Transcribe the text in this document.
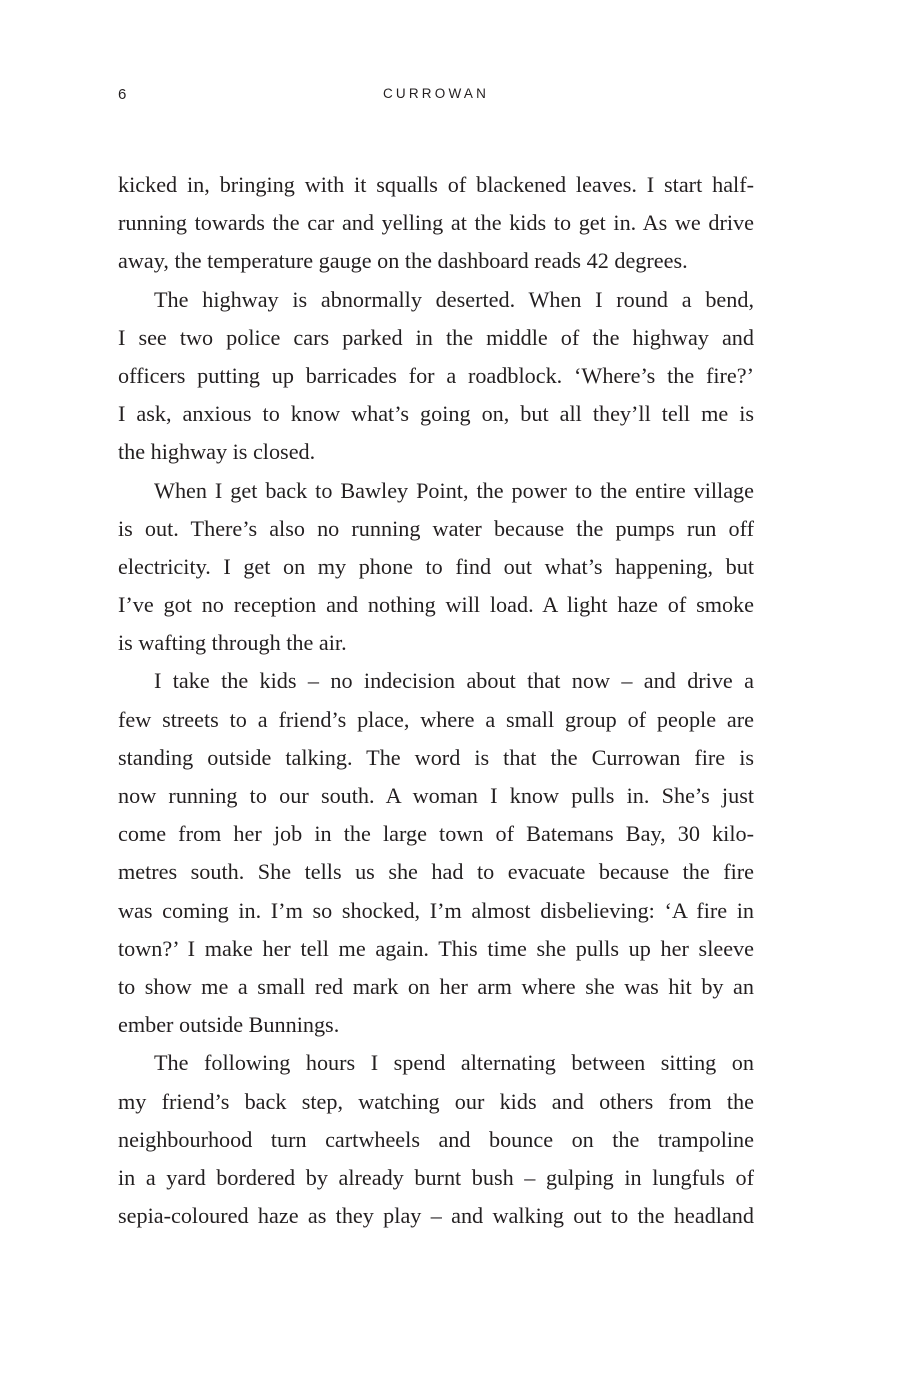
6	CURROWAN
kicked in, bringing with it squalls of blackened leaves. I start half-
running towards the car and yelling at the kids to get in. As we drive
away, the temperature gauge on the dashboard reads 42 degrees.
The highway is abnormally deserted. When I round a bend,
I see two police cars parked in the middle of the highway and
officers putting up barricades for a roadblock. ‘Where’s the fire?’
I ask, anxious to know what’s going on, but all they’ll tell me is
the highway is closed.
When I get back to Bawley Point, the power to the entire village
is out. There’s also no running water because the pumps run off
electricity. I get on my phone to find out what’s happening, but
I’ve got no reception and nothing will load. A light haze of smoke
is wafting through the air.
I take the kids – no indecision about that now – and drive a
few streets to a friend’s place, where a small group of people are
standing outside talking. The word is that the Currowan fire is
now running to our south. A woman I know pulls in. She’s just
come from her job in the large town of Batemans Bay, 30 kilo-
metres south. She tells us she had to evacuate because the fire
was coming in. I’m so shocked, I’m almost disbelieving: ‘A fire in
town?’ I make her tell me again. This time she pulls up her sleeve
to show me a small red mark on her arm where she was hit by an
ember outside Bunnings.
The following hours I spend alternating between sitting on
my friend’s back step, watching our kids and others from the
neighbourhood turn cartwheels and bounce on the trampoline
in a yard bordered by already burnt bush – gulping in lungfuls of
sepia-coloured haze as they play – and walking out to the headland
